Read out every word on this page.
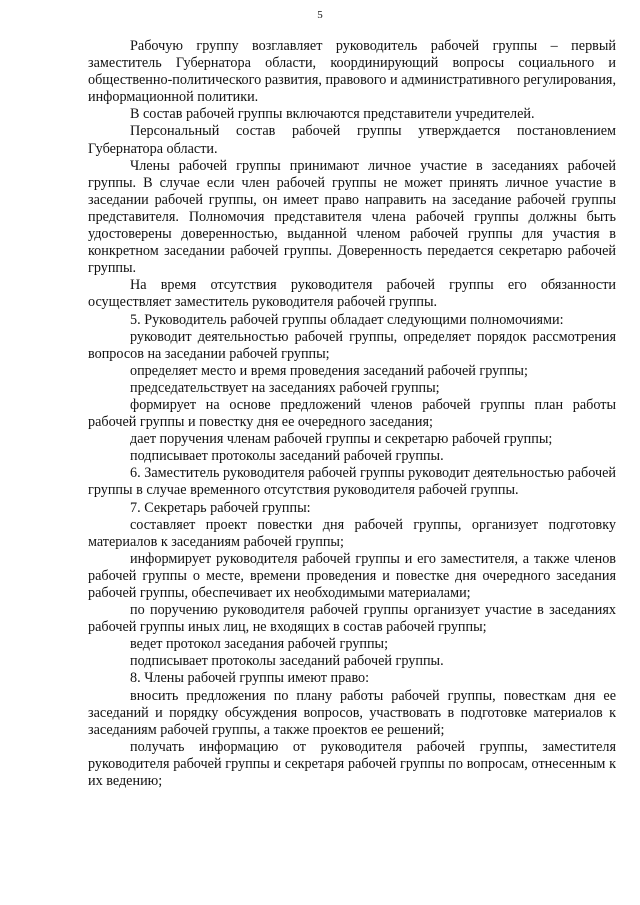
5

Рабочую группу возглавляет руководитель рабочей группы – первый заместитель Губернатора области, координирующий вопросы социального и общественно-политического развития, правового и административного регулирования, информационной политики.

В состав рабочей группы включаются представители учредителей.

Персональный состав рабочей группы утверждается постановлением Губернатора области.

Члены рабочей группы принимают личное участие в заседаниях рабочей группы. В случае если член рабочей группы не может принять личное участие в заседании рабочей группы, он имеет право направить на заседание рабочей группы представителя. Полномочия представителя члена рабочей группы должны быть удостоверены доверенностью, выданной членом рабочей группы для участия в конкретном заседании рабочей группы. Доверенность передается секретарю рабочей группы.

На время отсутствия руководителя рабочей группы его обязанности осуществляет заместитель руководителя рабочей группы.

5. Руководитель рабочей группы обладает следующими полномочиями:

руководит деятельностью рабочей группы, определяет порядок рассмотрения вопросов на заседании рабочей группы;

определяет место и время проведения заседаний рабочей группы;

председательствует на заседаниях рабочей группы;

формирует на основе предложений членов рабочей группы план работы рабочей группы и повестку дня ее очередного заседания;

дает поручения членам рабочей группы и секретарю рабочей группы;

подписывает протоколы заседаний рабочей группы.

6. Заместитель руководителя рабочей группы руководит деятельностью рабочей группы в случае временного отсутствия руководителя рабочей группы.

7. Секретарь рабочей группы:

составляет проект повестки дня рабочей группы, организует подготовку материалов к заседаниям рабочей группы;

информирует руководителя рабочей группы и его заместителя, а также членов рабочей группы о месте, времени проведения и повестке дня очередного заседания рабочей группы, обеспечивает их необходимыми материалами;

по поручению руководителя рабочей группы организует участие в заседаниях рабочей группы иных лиц, не входящих в состав рабочей группы;

ведет протокол заседания рабочей группы;

подписывает протоколы заседаний рабочей группы.

8. Члены рабочей группы имеют право:

вносить предложения по плану работы рабочей группы, повесткам дня ее заседаний и порядку обсуждения вопросов, участвовать в подготовке материалов к заседаниям рабочей группы, а также проектов ее решений;

получать информацию от руководителя рабочей группы, заместителя руководителя рабочей группы и секретаря рабочей группы по вопросам, отнесенным к их ведению;
